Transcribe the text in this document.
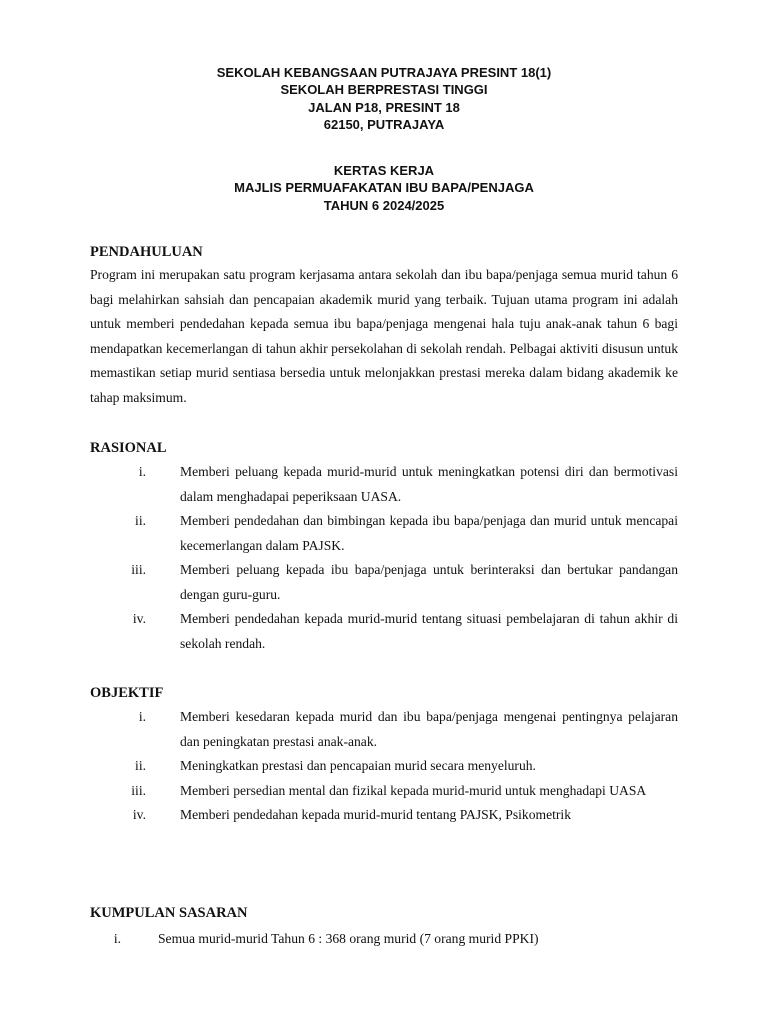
SEKOLAH KEBANGSAAN PUTRAJAYA PRESINT 18(1)
SEKOLAH BERPRESTASI TINGGI
JALAN P18, PRESINT 18
62150, PUTRAJAYA
KERTAS KERJA
MAJLIS PERMUAFAKATAN IBU BAPA/PENJAGA
TAHUN 6 2024/2025
PENDAHULUAN
Program ini merupakan satu program kerjasama antara sekolah dan ibu bapa/penjaga semua murid tahun 6 bagi melahirkan sahsiah dan pencapaian akademik murid yang terbaik. Tujuan utama program ini adalah untuk memberi pendedahan kepada semua ibu bapa/penjaga mengenai hala tuju anak-anak tahun 6 bagi mendapatkan kecemerlangan di tahun akhir persekolahan di sekolah rendah. Pelbagai aktiviti disusun untuk memastikan setiap murid sentiasa bersedia untuk melonjakkan prestasi mereka dalam bidang akademik ke tahap maksimum.
RASIONAL
i.	Memberi peluang kepada murid-murid untuk meningkatkan potensi diri dan bermotivasi dalam menghadapai peperiksaan UASA.
ii.	Memberi pendedahan dan bimbingan kepada ibu bapa/penjaga dan murid untuk mencapai kecemerlangan dalam PAJSK.
iii.	Memberi peluang kepada ibu bapa/penjaga untuk berinteraksi dan bertukar pandangan dengan guru-guru.
iv.	Memberi pendedahan kepada murid-murid tentang situasi pembelajaran di tahun akhir di sekolah rendah.
OBJEKTIF
i.	Memberi kesedaran kepada murid dan ibu bapa/penjaga mengenai pentingnya pelajaran dan peningkatan prestasi anak-anak.
ii.	Meningkatkan prestasi dan pencapaian murid secara menyeluruh.
iii.	Memberi persedian mental dan fizikal kepada murid-murid untuk menghadapi UASA
iv.	Memberi pendedahan kepada murid-murid tentang PAJSK, Psikometrik
KUMPULAN SASARAN
i.	Semua murid-murid Tahun 6 : 368 orang murid (7 orang murid PPKI)
